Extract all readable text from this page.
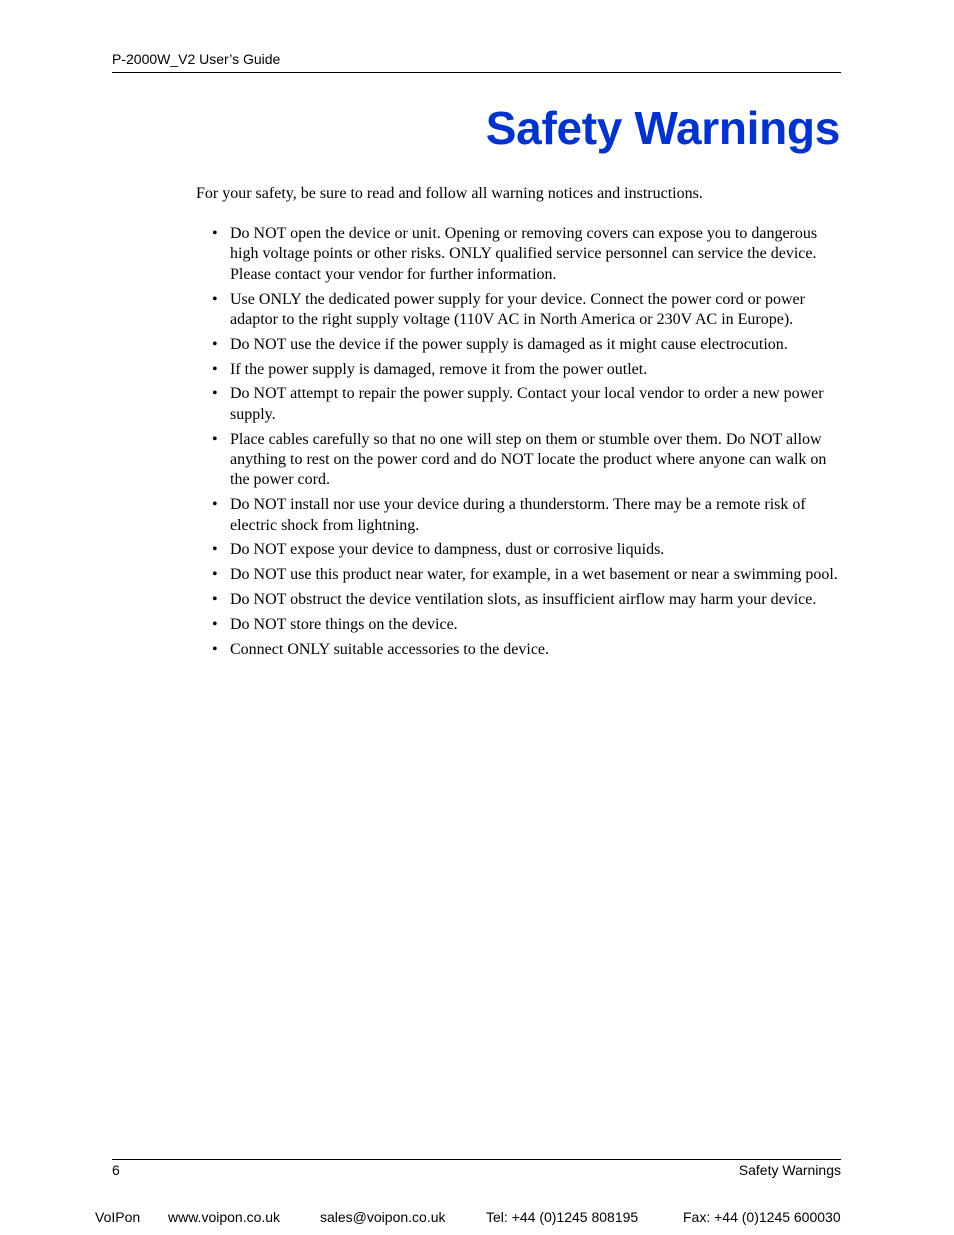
P-2000W_V2 User’s Guide
Safety Warnings

For your safety, be sure to read and follow all warning notices and instructions.

• Do NOT open the device or unit. Opening or removing covers can expose you to dangerous high voltage points or other risks. ONLY qualified service personnel can service the device. Please contact your vendor for further information.
• Use ONLY the dedicated power supply for your device. Connect the power cord or power adaptor to the right supply voltage (110V AC in North America or 230V AC in Europe).
• Do NOT use the device if the power supply is damaged as it might cause electrocution.
• If the power supply is damaged, remove it from the power outlet.
• Do NOT attempt to repair the power supply. Contact your local vendor to order a new power supply.
• Place cables carefully so that no one will step on them or stumble over them. Do NOT allow anything to rest on the power cord and do NOT locate the product where anyone can walk on the power cord.
• Do NOT install nor use your device during a thunderstorm. There may be a remote risk of electric shock from lightning.
• Do NOT expose your device to dampness, dust or corrosive liquids.
• Do NOT use this product near water, for example, in a wet basement or near a swimming pool.
• Do NOT obstruct the device ventilation slots, as insufficient airflow may harm your device.
• Do NOT store things on the device.
• Connect ONLY suitable accessories to the device.
6	Safety Warnings
VoIPon www.voipon.co.uk	sales@voipon.co.uk	Tel: +44 (0)1245 808195	Fax: +44 (0)1245 600030
